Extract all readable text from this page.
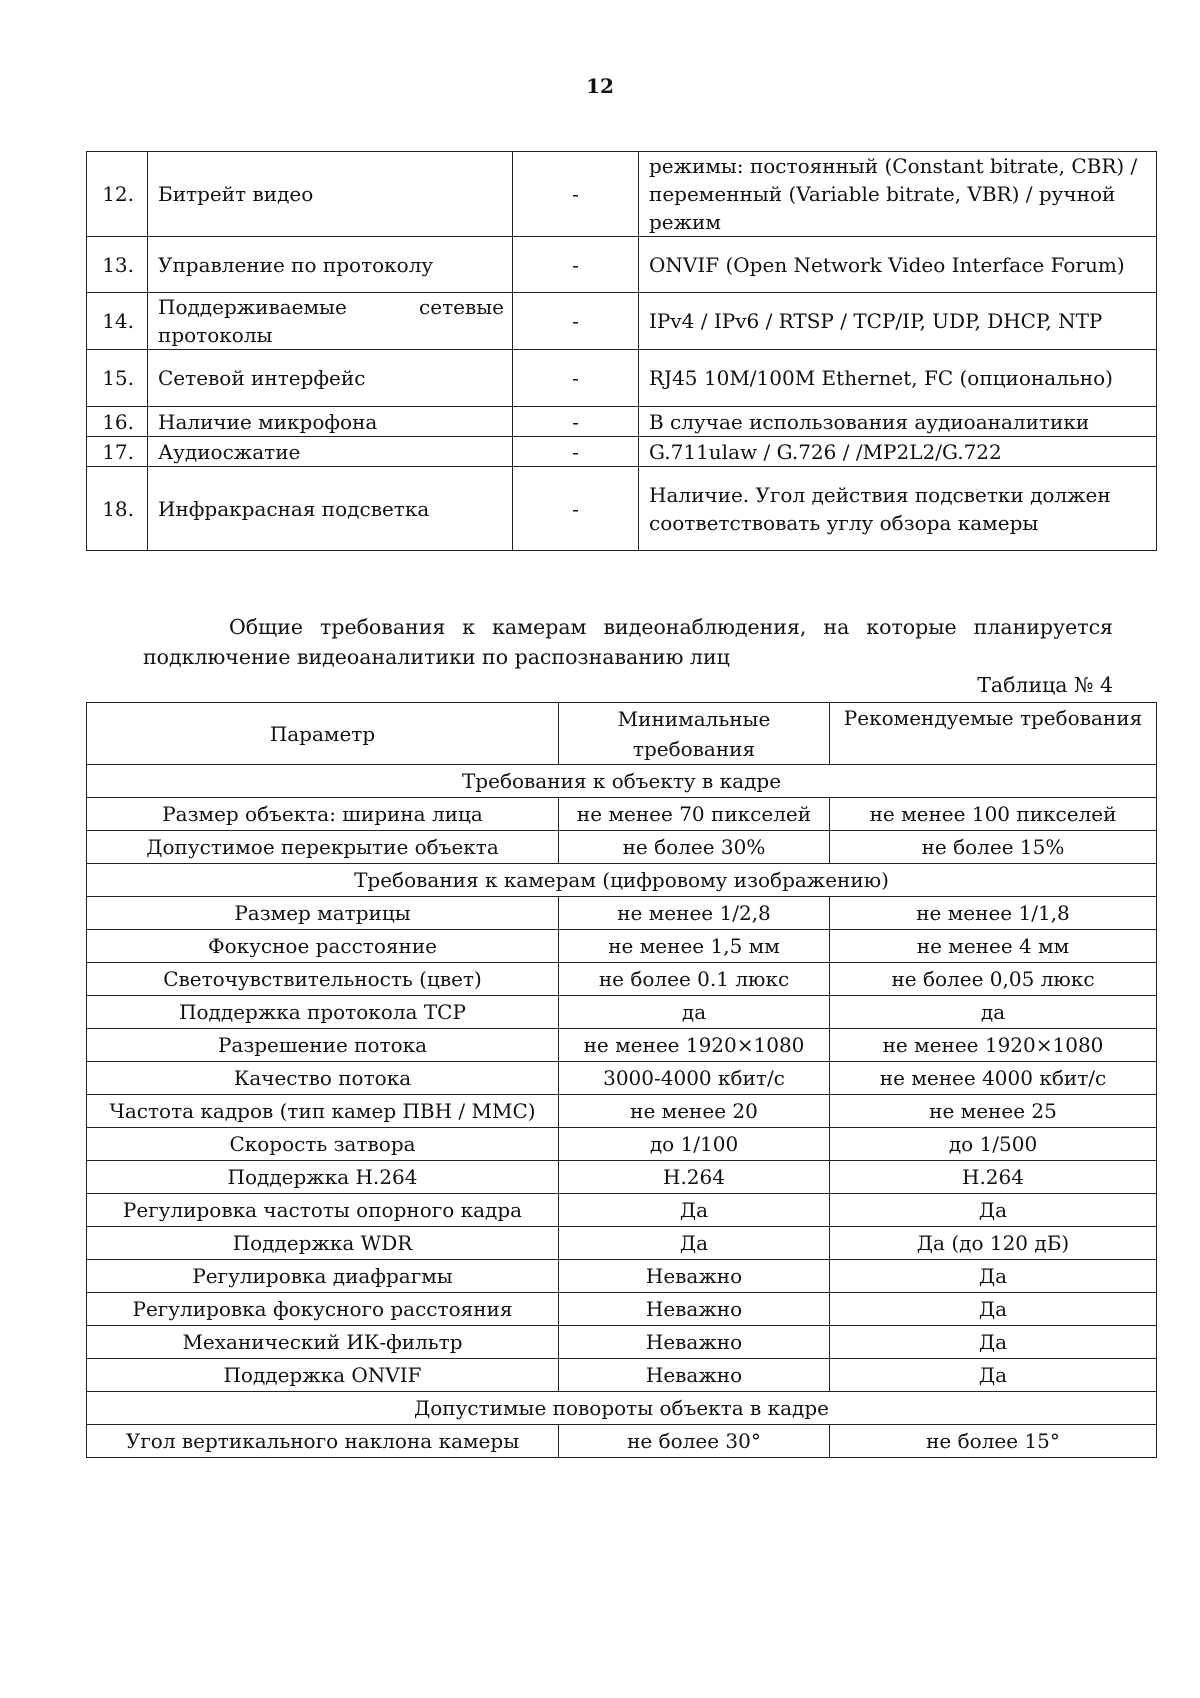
12
12.	Битрейт видео	-	режимы: постоянный (Constant bitrate, CBR) / переменный (Variable bitrate, VBR) / ручной режим
13.	Управление по протоколу	-	ONVIF (Open Network Video Interface Forum)
14.	Поддерживаемые сетевые протоколы	-	IPv4 / IPv6 / RTSP / TCP/IP, UDP, DHCP, NTP
15.	Сетевой интерфейс	-	RJ45 10M/100M Ethernet, FC (опционально)
16.	Наличие микрофона	-	В случае использования аудиоаналитики
17.	Аудиосжатие	-	G.711ulaw / G.726 / /MP2L2/G.722
18.	Инфракрасная подсветка	-	Наличие. Угол действия подсветки должен соответствовать углу обзора камеры
Общие требования к камерам видеонаблюдения, на которые планируется
подключение видеоаналитики по распознаванию лиц
Таблица № 4
Параметр	Минимальные требования	Рекомендуемые требования
Требования к объекту в кадре		
Размер объекта: ширина лица	не менее 70 пикселей	не менее 100 пикселей
Допустимое перекрытие объекта	не более 30%	не более 15%
Требования к камерам (цифровому изображению)		
Размер матрицы	не менее 1/2,8	не менее 1/1,8
Фокусное расстояние	не менее 1,5 мм	не менее 4 мм
Светочувствительность (цвет)	не более 0.1 люкс	не более 0,05 люкс
Поддержка протокола TCP	да	да
Разрешение потока	не менее 1920×1080	не менее 1920×1080
Качество потока	3000-4000 кбит/с	не менее 4000 кбит/с
Частота кадров (тип камер ПВН / ММС)	не менее 20	не менее 25
Скорость затвора	до 1/100	до 1/500
Поддержка H.264	H.264	H.264
Регулировка частоты опорного кадра	Да	Да
Поддержка WDR	Да	Да (до 120 дБ)
Регулировка диафрагмы	Неважно	Да
Регулировка фокусного расстояния	Неважно	Да
Механический ИК-фильтр	Неважно	Да
Поддержка ONVIF	Неважно	Да
Допустимые повороты объекта в кадре		
Угол вертикального наклона камеры	не более 30°	не более 15°
